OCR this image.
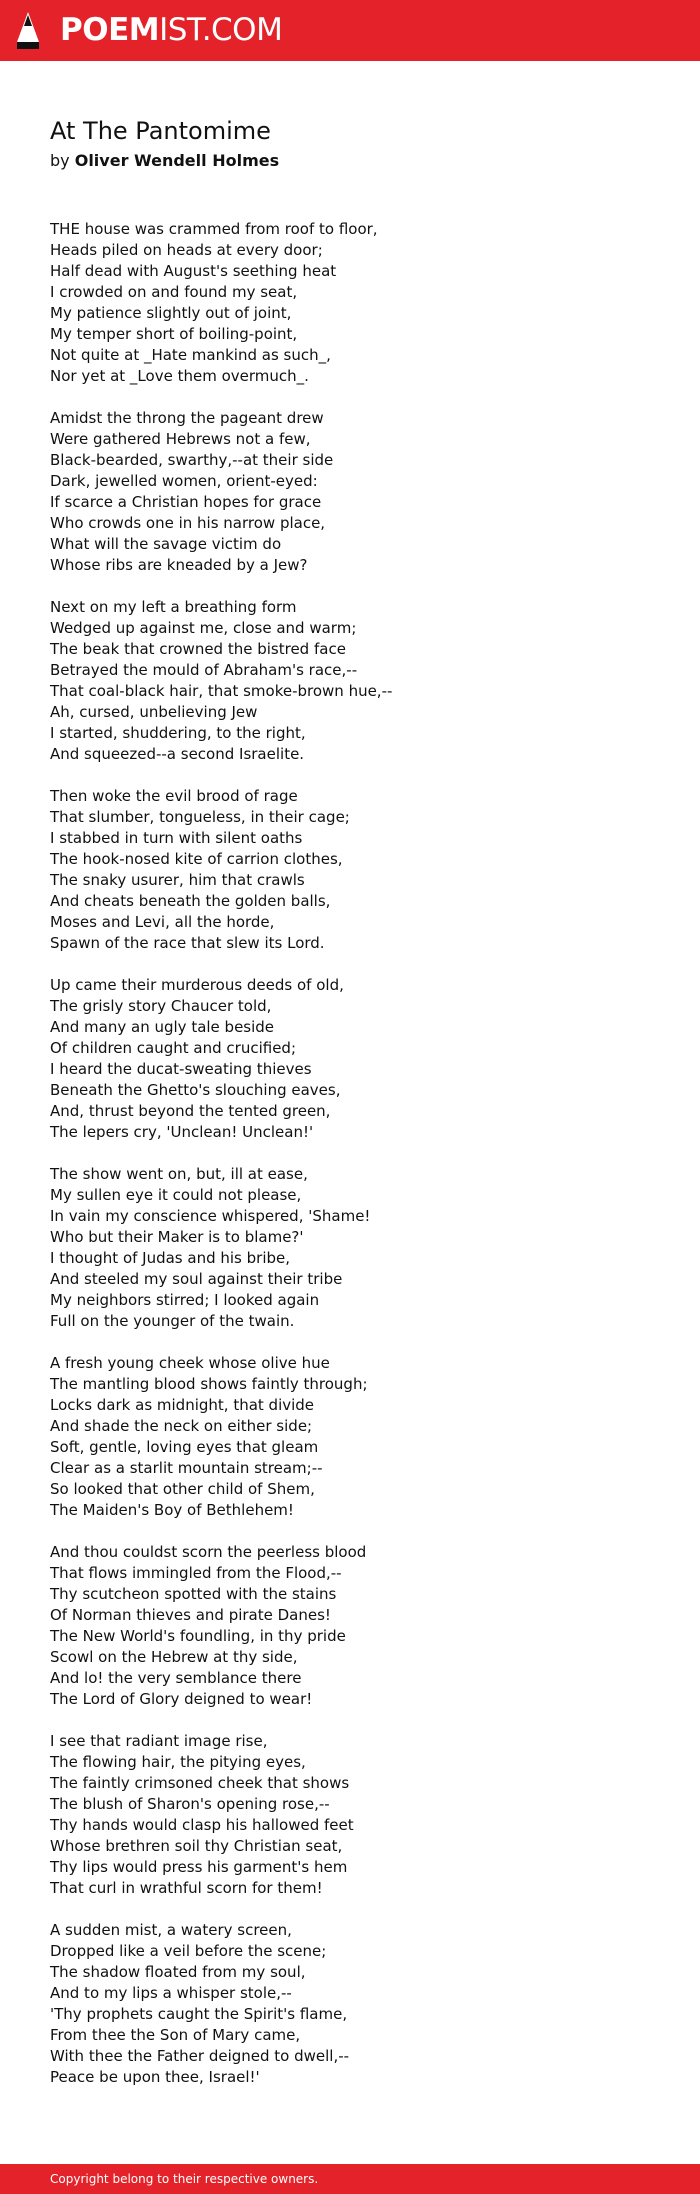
POEMIST.COM
At The Pantomime
by Oliver Wendell Holmes
THE house was crammed from roof to floor,
Heads piled on heads at every door;
Half dead with August's seething heat
I crowded on and found my seat,
My patience slightly out of joint,
My temper short of boiling-point,
Not quite at _Hate mankind as such_,
Nor yet at _Love them overmuch_.
Amidst the throng the pageant drew
Were gathered Hebrews not a few,
Black-bearded, swarthy,--at their side
Dark, jewelled women, orient-eyed:
If scarce a Christian hopes for grace
Who crowds one in his narrow place,
What will the savage victim do
Whose ribs are kneaded by a Jew?
Next on my left a breathing form
Wedged up against me, close and warm;
The beak that crowned the bistred face
Betrayed the mould of Abraham's race,--
That coal-black hair, that smoke-brown hue,--
Ah, cursed, unbelieving Jew
I started, shuddering, to the right,
And squeezed--a second Israelite.
Then woke the evil brood of rage
That slumber, tongueless, in their cage;
I stabbed in turn with silent oaths
The hook-nosed kite of carrion clothes,
The snaky usurer, him that crawls
And cheats beneath the golden balls,
Moses and Levi, all the horde,
Spawn of the race that slew its Lord.
Up came their murderous deeds of old,
The grisly story Chaucer told,
And many an ugly tale beside
Of children caught and crucified;
I heard the ducat-sweating thieves
Beneath the Ghetto's slouching eaves,
And, thrust beyond the tented green,
The lepers cry, 'Unclean! Unclean!'
The show went on, but, ill at ease,
My sullen eye it could not please,
In vain my conscience whispered, 'Shame!
Who but their Maker is to blame?'
I thought of Judas and his bribe,
And steeled my soul against their tribe
My neighbors stirred; I looked again
Full on the younger of the twain.
A fresh young cheek whose olive hue
The mantling blood shows faintly through;
Locks dark as midnight, that divide
And shade the neck on either side;
Soft, gentle, loving eyes that gleam
Clear as a starlit mountain stream;--
So looked that other child of Shem,
The Maiden's Boy of Bethlehem!
And thou couldst scorn the peerless blood
That flows immingled from the Flood,--
Thy scutcheon spotted with the stains
Of Norman thieves and pirate Danes!
The New World's foundling, in thy pride
Scowl on the Hebrew at thy side,
And lo! the very semblance there
The Lord of Glory deigned to wear!
I see that radiant image rise,
The flowing hair, the pitying eyes,
The faintly crimsoned cheek that shows
The blush of Sharon's opening rose,--
Thy hands would clasp his hallowed feet
Whose brethren soil thy Christian seat,
Thy lips would press his garment's hem
That curl in wrathful scorn for them!
A sudden mist, a watery screen,
Dropped like a veil before the scene;
The shadow floated from my soul,
And to my lips a whisper stole,--
'Thy prophets caught the Spirit's flame,
From thee the Son of Mary came,
With thee the Father deigned to dwell,--
Peace be upon thee, Israel!'
Copyright belong to their respective owners.
